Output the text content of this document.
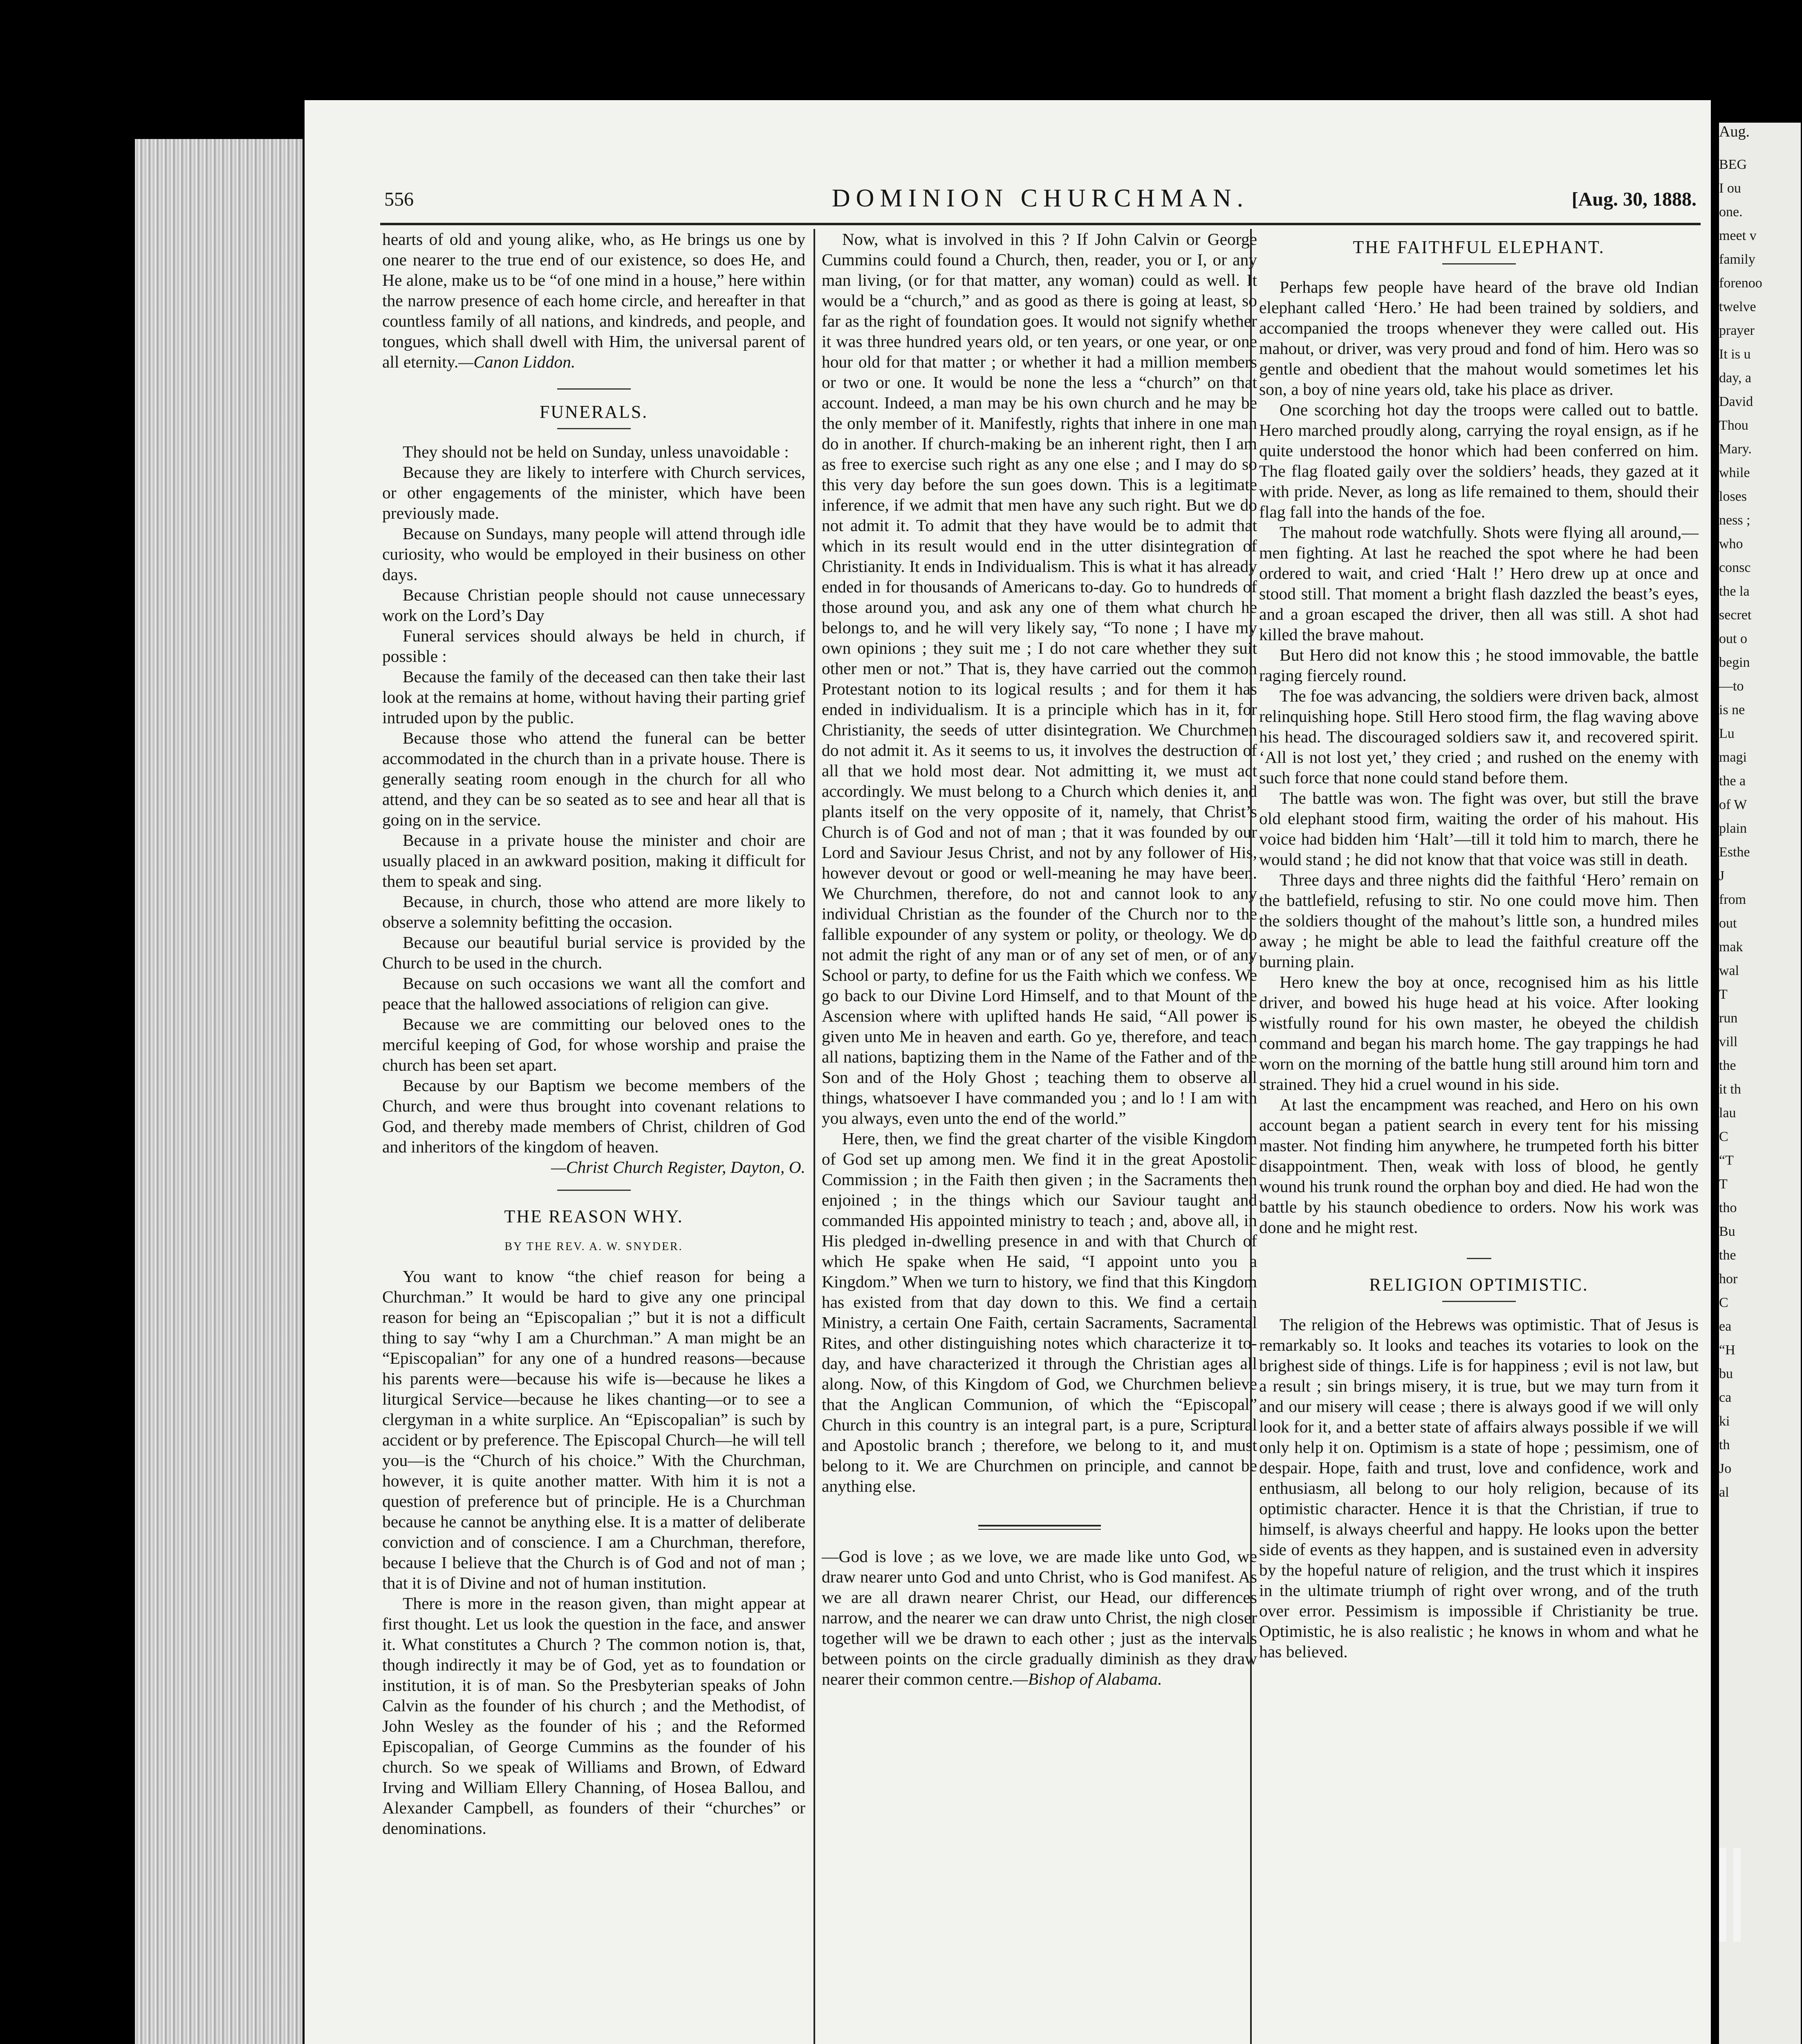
Aug.
BEG
I ou
one.
meet v
family
forenoo
twelve
prayer
It is u
day, a
David
Thou
Mary.
while
loses
ness ;
who
consc
the la
secret
out o
begin
—to
is ne
Lu
magi
the a
of W
plain
Esthe
J
from
out
mak
wal
T
run
vill
the
it th
lau
C
“T
T
tho
Bu
the
hor
C
ea
“H
bu
ca
ki
th
Jo
al
556	DOMINION CHURCHMAN.	[Aug. 30, 1888.

hearts of old and young alike, who, as He brings us one by one nearer to the true end of our existence, so does He, and He alone, make us to be “of one mind in a house,” here within the narrow presence of each home circle, and hereafter in that countless family of all nations, and kindreds, and people, and tongues, which shall dwell with Him, the universal parent of all eternity.—Canon Liddon.

FUNERALS.

They should not be held on Sunday, unless unavoidable :

Because they are likely to interfere with Church services, or other engagements of the minister, which have been previously made.

Because on Sundays, many people will attend through idle curiosity, who would be employed in their business on other days.

Because Christian people should not cause unnecessary work on the Lord’s Day

Funeral services should always be held in church, if possible :

Because the family of the deceased can then take their last look at the remains at home, without having their parting grief intruded upon by the public.

Because those who attend the funeral can be better accommodated in the church than in a private house. There is generally seating room enough in the church for all who attend, and they can be so seated as to see and hear all that is going on in the service.

Because in a private house the minister and choir are usually placed in an awkward position, making it difficult for them to speak and sing.

Because, in church, those who attend are more likely to observe a solemnity befitting the occasion.

Because our beautiful burial service is provided by the Church to be used in the church.

Because on such occasions we want all the comfort and peace that the hallowed associations of religion can give.

Because we are committing our beloved ones to the merciful keeping of God, for whose worship and praise the church has been set apart.

Because by our Baptism we become members of the Church, and were thus brought into covenant relations to God, and thereby made members of Christ, children of God and inheritors of the kingdom of heaven.

—Christ Church Register, Dayton, O.

THE REASON WHY.
BY THE REV. A. W. SNYDER.

You want to know “the chief reason for being a Churchman.” It would be hard to give any one principal reason for being an “Episcopalian ;” but it is not a difficult thing to say “why I am a Churchman.” A man might be an “Episcopalian” for any one of a hundred reasons—because his parents were—because his wife is—because he likes a liturgical Service—because he likes chanting—or to see a clergyman in a white surplice. An “Episcopalian” is such by accident or by preference. The Episcopal Church—he will tell you—is the “Church of his choice.” With the Churchman, however, it is quite another matter. With him it is not a question of preference but of principle. He is a Churchman because he cannot be anything else. It is a matter of deliberate conviction and of conscience. I am a Churchman, therefore, because I believe that the Church is of God and not of man ; that it is of Divine and not of human institution.

There is more in the reason given, than might appear at first thought. Let us look the question in the face, and answer it. What constitutes a Church ? The common notion is, that, though indirectly it may be of God, yet as to foundation or institution, it is of man. So the Presbyterian speaks of John Calvin as the founder of his church ; and the Methodist, of John Wesley as the founder of his ; and the Reformed Episcopalian, of George Cummins as the founder of his church. So we speak of Williams and Brown, of Edward Irving and William Ellery Channing, of Hosea Ballou, and Alexander Campbell, as founders of their “churches” or denominations.

Now, what is involved in this ? If John Calvin or George Cummins could found a Church, then, reader, you or I, or any man living, (or for that matter, any woman) could as well. It would be a “church,” and as good as there is going at least, so far as the right of foundation goes. It would not signify whether it was three hundred years old, or ten years, or one year, or one hour old for that matter ; or whether it had a million members or two or one. It would be none the less a “church” on that account. Indeed, a man may be his own church and he may be the only member of it. Manifestly, rights that inhere in one man do in another. If church-making be an inherent right, then I am as free to exercise such right as any one else ; and I may do so this very day before the sun goes down. This is a legitimate inference, if we admit that men have any such right. But we do not admit it. To admit that they have would be to admit that which in its result would end in the utter disintegration of Christianity. It ends in Individualism. This is what it has already ended in for thousands of Americans to-day. Go to hundreds of those around you, and ask any one of them what church he belongs to, and he will very likely say, “To none ; I have my own opinions ; they suit me ; I do not care whether they suit other men or not.” That is, they have carried out the common Protestant notion to its logical results ; and for them it has ended in individualism. It is a principle which has in it, for Christianity, the seeds of utter disintegration. We Churchmen do not admit it. As it seems to us, it involves the destruction of all that we hold most dear. Not admitting it, we must act accordingly. We must belong to a Church which denies it, and plants itself on the very opposite of it, namely, that Christ’s Church is of God and not of man ; that it was founded by our Lord and Saviour Jesus Christ, and not by any follower of His, however devout or good or well-meaning he may have been. We Churchmen, therefore, do not and cannot look to any individual Christian as the founder of the Church nor to the fallible expounder of any system or polity, or theology. We do not admit the right of any man or of any set of men, or of any School or party, to define for us the Faith which we confess. We go back to our Divine Lord Himself, and to that Mount of the Ascension where with uplifted hands He said, “All power is given unto Me in heaven and earth. Go ye, therefore, and teach all nations, baptizing them in the Name of the Father and of the Son and of the Holy Ghost ; teaching them to observe all things, whatsoever I have commanded you ; and lo ! I am with you always, even unto the end of the world.”

Here, then, we find the great charter of the visible Kingdom of God set up among men. We find it in the great Apostolic Commission ; in the Faith then given ; in the Sacraments then enjoined ; in the things which our Saviour taught and commanded His appointed ministry to teach ; and, above all, in His pledged in-dwelling presence in and with that Church of which He spake when He said, “I appoint unto you a Kingdom.” When we turn to history, we find that this Kingdom has existed from that day down to this. We find a certain Ministry, a certain One Faith, certain Sacraments, Sacramental Rites, and other distinguishing notes which characterize it to-day, and have characterized it through the Christian ages all along. Now, of this Kingdom of God, we Churchmen believe that the Anglican Communion, of which the “Episcopal” Church in this country is an integral part, is a pure, Scriptural and Apostolic branch ; therefore, we belong to it, and must belong to it. We are Churchmen on principle, and cannot be anything else.

—God is love ; as we love, we are made like unto God, we draw nearer unto God and unto Christ, who is God manifest. As we are all drawn nearer Christ, our Head, our differences narrow, and the nearer we can draw unto Christ, the nigh closer together will we be drawn to each other ; just as the intervals between points on the circle gradually diminish as they draw nearer their common centre.—Bishop of Alabama.

THE FAITHFUL ELEPHANT.

Perhaps few people have heard of the brave old Indian elephant called ‘Hero.’ He had been trained by soldiers, and accompanied the troops whenever they were called out. His mahout, or driver, was very proud and fond of him. Hero was so gentle and obedient that the mahout would sometimes let his son, a boy of nine years old, take his place as driver.

One scorching hot day the troops were called out to battle. Hero marched proudly along, carrying the royal ensign, as if he quite understood the honor which had been conferred on him. The flag floated gaily over the soldiers’ heads, they gazed at it with pride. Never, as long as life remained to them, should their flag fall into the hands of the foe.

The mahout rode watchfully. Shots were flying all around,—men fighting. At last he reached the spot where he had been ordered to wait, and cried ‘Halt !’ Hero drew up at once and stood still. That moment a bright flash dazzled the beast’s eyes, and a groan escaped the driver, then all was still. A shot had killed the brave mahout.

But Hero did not know this ; he stood immovable, the battle raging fiercely round.

The foe was advancing, the soldiers were driven back, almost relinquishing hope. Still Hero stood firm, the flag waving above his head. The discouraged soldiers saw it, and recovered spirit. ‘All is not lost yet,’ they cried ; and rushed on the enemy with such force that none could stand before them.

The battle was won. The fight was over, but still the brave old elephant stood firm, waiting the order of his mahout. His voice had bidden him ‘Halt’—till it told him to march, there he would stand ; he did not know that that voice was still in death.

Three days and three nights did the faithful ‘Hero’ remain on the battlefield, refusing to stir. No one could move him. Then the soldiers thought of the mahout’s little son, a hundred miles away ; he might be able to lead the faithful creature off the burning plain.

Hero knew the boy at once, recognised him as his little driver, and bowed his huge head at his voice. After looking wistfully round for his own master, he obeyed the childish command and began his march home. The gay trappings he had worn on the morning of the battle hung still around him torn and strained. They hid a cruel wound in his side.

At last the encampment was reached, and Hero on his own account began a patient search in every tent for his missing master. Not finding him anywhere, he trumpeted forth his bitter disappointment. Then, weak with loss of blood, he gently wound his trunk round the orphan boy and died. He had won the battle by his staunch obedience to orders. Now his work was done and he might rest.

RELIGION OPTIMISTIC.

The religion of the Hebrews was optimistic. That of Jesus is remarkably so. It looks and teaches its votaries to look on the brighest side of things. Life is for happiness ; evil is not law, but a result ; sin brings misery, it is true, but we may turn from it and our misery will cease ; there is always good if we will only look for it, and a better state of affairs always possible if we will only help it on. Optimism is a state of hope ; pessimism, one of despair. Hope, faith and trust, love and confidence, work and enthusiasm, all belong to our holy religion, because of its optimistic character. Hence it is that the Christian, if true to himself, is always cheerful and happy. He looks upon the better side of events as they happen, and is sustained even in adversity by the hopeful nature of religion, and the trust which it inspires in the ultimate triumph of right over wrong, and of the truth over error. Pessimism is impossible if Christianity be true. Optimistic, he is also realistic ; he knows in whom and what he has believed.
